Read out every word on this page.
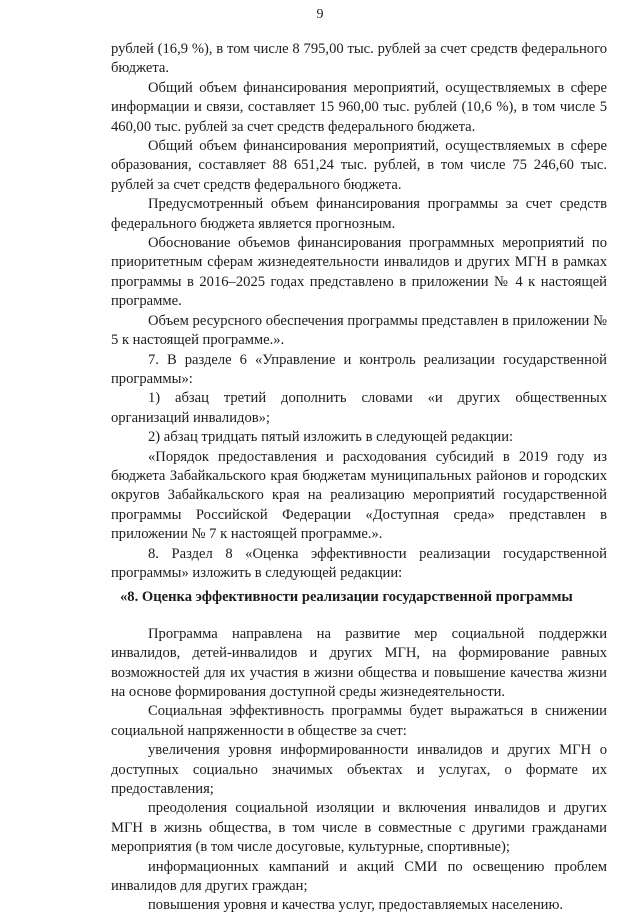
9

рублей (16,9 %), в том числе 8 795,00 тыс. рублей за счет средств федерального бюджета.

Общий объем финансирования мероприятий, осуществляемых в сфере информации и связи, составляет 15 960,00 тыс. рублей (10,6 %), в том числе 5 460,00 тыс. рублей за счет средств федерального бюджета.

Общий объем финансирования мероприятий, осуществляемых в сфере образования, составляет 88 651,24 тыс. рублей, в том числе 75 246,60 тыс. рублей за счет средств федерального бюджета.

Предусмотренный объем финансирования программы за счет средств федерального бюджета является прогнозным.

Обоснование объемов финансирования программных мероприятий по приоритетным сферам жизнедеятельности инвалидов и других МГН в рамках программы в 2016–2025 годах представлено в приложении № 4 к настоящей программе.

Объем ресурсного обеспечения программы представлен в приложении № 5 к настоящей программе.».

7. В разделе 6 «Управление и контроль реализации государственной программы»:

1) абзац третий дополнить словами «и других общественных организаций инвалидов»;

2) абзац тридцать пятый изложить в следующей редакции:

«Порядок предоставления и расходования субсидий в 2019 году из бюджета Забайкальского края бюджетам муниципальных районов и городских округов Забайкальского края на реализацию мероприятий государственной программы Российской Федерации «Доступная среда» представлен в приложении № 7 к настоящей программе.».

8. Раздел 8 «Оценка эффективности реализации государственной программы» изложить в следующей редакции:

«8. Оценка эффективности реализации государственной программы

Программа направлена на развитие мер социальной поддержки инвалидов, детей-инвалидов и других МГН, на формирование равных возможностей для их участия в жизни общества и повышение качества жизни на основе формирования доступной среды жизнедеятельности.

Социальная эффективность программы будет выражаться в снижении социальной напряженности в обществе за счет:

увеличения уровня информированности инвалидов и других МГН о доступных социально значимых объектах и услугах, о формате их предоставления;

преодоления социальной изоляции и включения инвалидов и других МГН в жизнь общества, в том числе в совместные с другими гражданами мероприятия (в том числе досуговые, культурные, спортивные);

информационных кампаний и акций СМИ по освещению проблем инвалидов для других граждан;

повышения уровня и качества услуг, предоставляемых населению.
